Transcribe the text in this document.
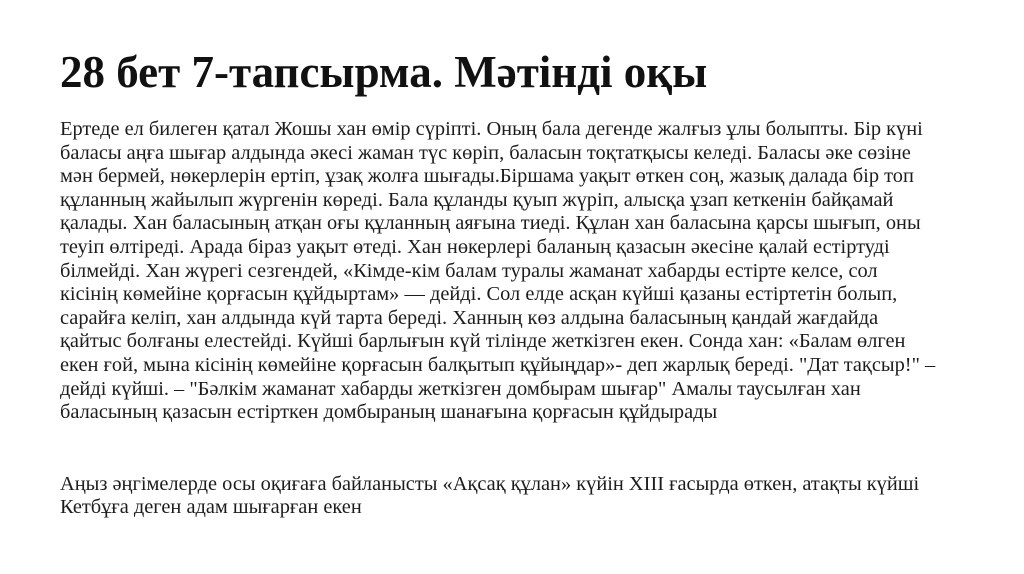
28 бет 7-тапсырма. Мәтінді оқы

Ертеде ел билеген қатал Жошы хан өмір сүріпті. Оның бала дегенде жалғыз ұлы болыпты. Бір күні баласы аңға шығар алдында әкесі жаман түс көріп, баласын тоқтатқысы келеді. Баласы әке сөзіне мән бермей, нөкерлерін ертіп, ұзақ жолға шығады.Біршама уақыт өткен соң, жазық далада бір топ құланның жайылып жүргенін көреді. Бала құланды қуып жүріп, алысқа ұзап кеткенін байқамай қалады. Хан баласының атқан оғы құланның аяғына тиеді. Құлан хан баласына қарсы шығып, оны теуіп өлтіреді. Арада біраз уақыт өтеді. Хан нөкерлері баланың қазасын әкесіне қалай естіртуді білмейді. Хан жүрегі сезгендей, «Кімде-кім балам туралы жаманат хабарды естірте келсе, сол кісінің көмейіне қорғасын құйдыртам» — дейді. Сол елде асқан күйші қазаны естіртетін болып, сарайға келіп, хан алдында күй тарта береді. Ханның көз алдына баласының қандай жағдайда қайтыс болғаны елестейді. Күйші барлығын күй тілінде жеткізген екен. Сонда хан: «Балам өлген екен ғой, мына кісінің көмейіне қорғасын балқытып құйыңдар»- деп жарлық береді. "Дат тақсыр!" – дейді күйші. – "Бәлкім жаманат хабарды жеткізген домбырам шығар" Амалы таусылған хан баласының қазасын естірткен домбыраның шанағына қорғасын құйдырады

Аңыз әңгімелерде осы оқиғаға байланысты «Ақсақ құлан» күйін XIII ғасырда өткен, атақты күйші Кетбұға деген адам шығарған екен
